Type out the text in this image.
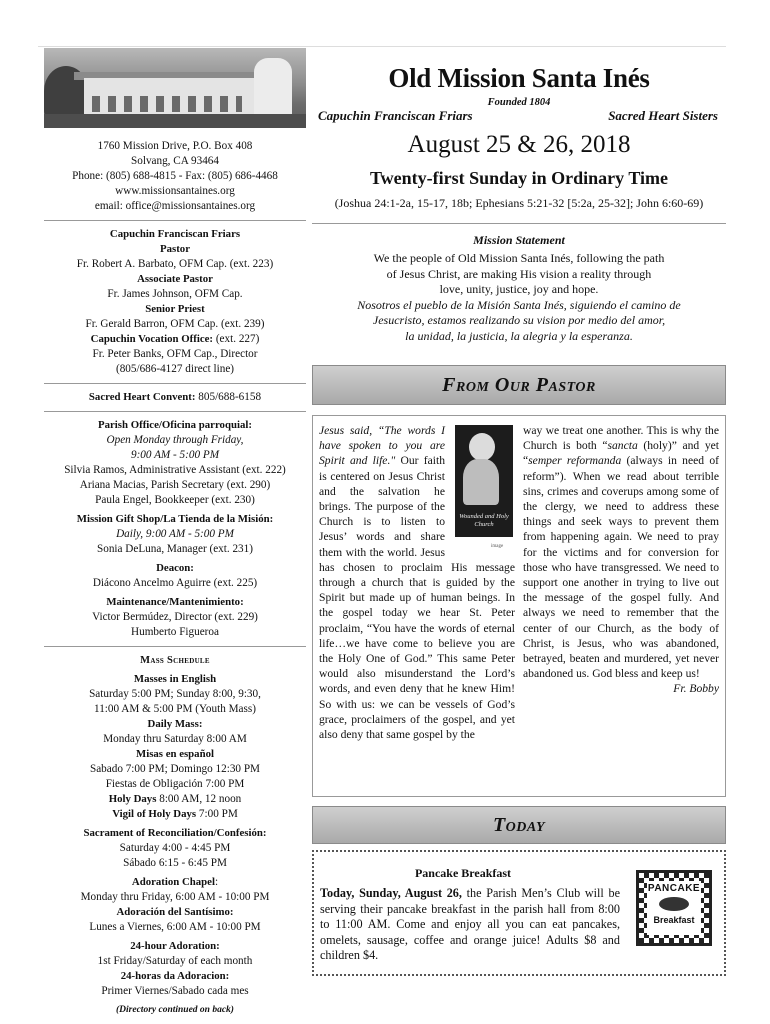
1760 Mission Drive, P.O. Box 408
Solvang, CA 93464
Phone: (805) 688-4815 - Fax: (805) 686-4468
www.missionsantaines.org
email: office@missionsantaines.org
Capuchin Franciscan Friars
Pastor
Fr. Robert A. Barbato, OFM Cap. (ext. 223)
Associate Pastor
Fr. James Johnson, OFM Cap.
Senior Priest
Fr. Gerald Barron, OFM Cap. (ext. 239)
Capuchin Vocation Office: (ext. 227)
Fr. Peter Banks, OFM Cap., Director
(805/686-4127 direct line)
Sacred Heart Convent: 805/688-6158
Parish Office/Oficina parroquial:
Open Monday through Friday,
9:00 AM - 5:00 PM
Silvia Ramos, Administrative Assistant (ext. 222)
Ariana Macias, Parish Secretary (ext. 290)
Paula Engel, Bookkeeper (ext. 230)
Mission Gift Shop/La Tienda de la Misión:
Daily, 9:00 AM - 5:00 PM
Sonia DeLuna, Manager (ext. 231)
Deacon:
Diácono Ancelmo Aguirre (ext. 225)
Maintenance/Mantenimiento:
Victor Bermúdez, Director (ext. 229)
Humberto Figueroa
Mass Schedule
Masses in English
Saturday 5:00 PM; Sunday 8:00, 9:30,
11:00 AM & 5:00 PM (Youth Mass)
Daily Mass:
Monday thru Saturday 8:00 AM
Misas en español
Sabado 7:00 PM; Domingo 12:30 PM
Fiestas de Obligación 7:00 PM
Holy Days 8:00 AM, 12 noon
Vigil of Holy Days 7:00 PM
Sacrament of Reconciliation/Confesión:
Saturday 4:00 - 4:45 PM
Sábado 6:15 - 6:45 PM
Adoration Chapel:
Monday thru Friday, 6:00 AM - 10:00 PM
Adoración del Santísimo:
Lunes a Viernes, 6:00 AM - 10:00 PM
24-hour Adoration:
1st Friday/Saturday of each month
24-horas da Adoracion:
Primer Viernes/Sabado cada mes
(Directory continued on back)
Old Mission Santa Inés
Founded 1804
Capuchin Franciscan Friars	Sacred Heart Sisters
August 25 & 26, 2018
Twenty-first Sunday in Ordinary Time
(Joshua 24:1-2a, 15-17, 18b; Ephesians 5:21-32 [5:2a, 25-32]; John 6:60-69)
Mission Statement
We the people of Old Mission Santa Inés, following the path
of Jesus Christ, are making His vision a reality through
love, unity, justice, joy and hope.
Nosotros el pueblo de la Misión Santa Inés, siguiendo el camino de
Jesucristo, estamos realizando su vision por medio del amor,
la unidad, la justicia, la alegria y la esperanza.
From Our Pastor
Wounded and Holy Church
image
Jesus said, “The words I have spoken to you are Spirit and life." Our faith is centered on Jesus Christ and the salvation he brings. The purpose of the Church is to listen to Jesus’ words and share them with the world. Jesus has chosen to proclaim His message through a church that is guided by the Spirit but made up of human beings. In the gospel today we hear St. Peter proclaim, “You have the words of eternal life…we have come to believe you are the Holy One of God.” This same Peter would also misunderstand the Lord’s words, and even deny that he knew Him! So with us: we can be vessels of God’s grace, proclaimers of the gospel, and yet also deny that same gospel by the
way we treat one another. This is why the Church is both “sancta (holy)” and yet “semper reformanda (always in need of reform”). When we read about terrible sins, crimes and coverups among some of the clergy, we need to address these things and seek ways to prevent them from happening again. We need to pray for the victims and for conversion for those who have transgressed. We need to support one another in trying to live out the message of the gospel fully. And always we need to remember that the center of our Church, as the body of Christ, is Jesus, who was abandoned, betrayed, beaten and murdered, yet never abandoned us. God bless and keep us!
Fr. Bobby
Today
Pancake Breakfast
Today, Sunday, August 26, the Parish Men’s Club will be serving their pancake breakfast in the parish hall from 8:00 to 11:00 AM. Come and enjoy all you can eat pancakes, omelets, sausage, coffee and orange juice! Adults $8 and children $4.
PANCAKE
Breakfast
